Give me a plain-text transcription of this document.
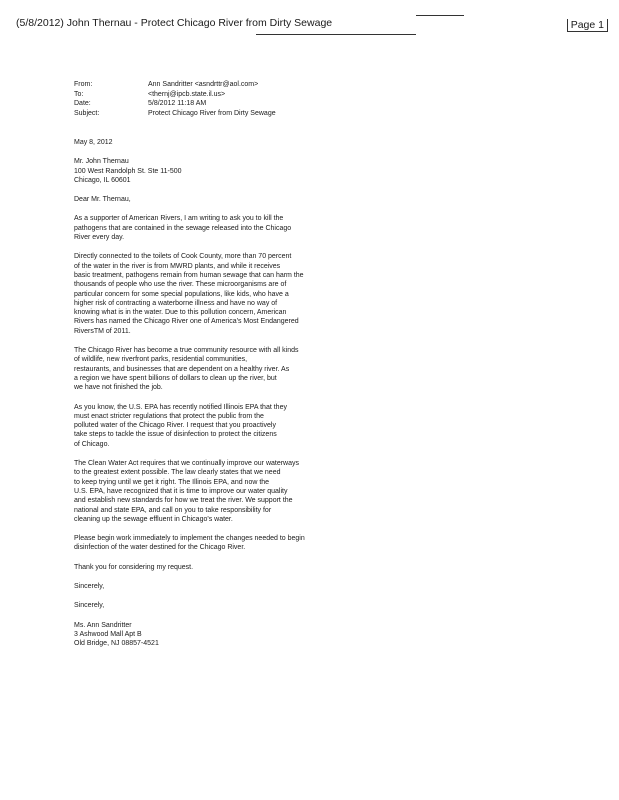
(5/8/2012) John Thernau - Protect Chicago River from Dirty Sewage	Page 1
From:	Ann Sandritter <asndrttr@aol.com>
To:	<thernj@ipcb.state.il.us>
Date:	5/8/2012 11:18 AM
Subject:	Protect Chicago River from Dirty Sewage

May 8, 2012

Mr. John Thernau
100 West Randolph St. Ste 11-500
Chicago, IL 60601

Dear Mr. Thernau,

As a supporter of American Rivers, I am writing to ask you to kill the
pathogens that are contained in the sewage released into the Chicago
River every day.

Directly connected to the toilets of Cook County, more than 70 percent
of the water in the river is from MWRD plants, and while it receives
basic treatment, pathogens remain from human sewage that can harm the
thousands of people who use the river. These microorganisms are of
particular concern for some special populations, like kids, who have a
higher risk of contracting a waterborne illness and have no way of
knowing what is in the water. Due to this pollution concern, American
Rivers has named the Chicago River one of America's Most Endangered
RiversTM of 2011.

The Chicago River has become a true community resource with all kinds
of wildlife, new riverfront parks, residential communities,
restaurants, and businesses that are dependent on a healthy river. As
a region we have spent billions of dollars to clean up the river, but
we have not finished the job.

As you know, the U.S. EPA has recently notified Illinois EPA that they
must enact stricter regulations that protect the public from the
polluted water of the Chicago River. I request that you proactively
take steps to tackle the issue of disinfection to protect the citizens
of Chicago.

The Clean Water Act requires that we continually improve our waterways
to the greatest extent possible. The law clearly states that we need
to keep trying until we get it right. The Illinois EPA, and now the
U.S. EPA, have recognized that it is time to improve our water quality
and establish new standards for how we treat the river. We support the
national and state EPA, and call on you to take responsibility for
cleaning up the sewage effluent in Chicago's water.

Please begin work immediately to implement the changes needed to begin
disinfection of the water destined for the Chicago River.

Thank you for considering my request.

Sincerely,

Sincerely,

Ms. Ann Sandritter
3 Ashwood Mall Apt B
Old Bridge, NJ 08857-4521
